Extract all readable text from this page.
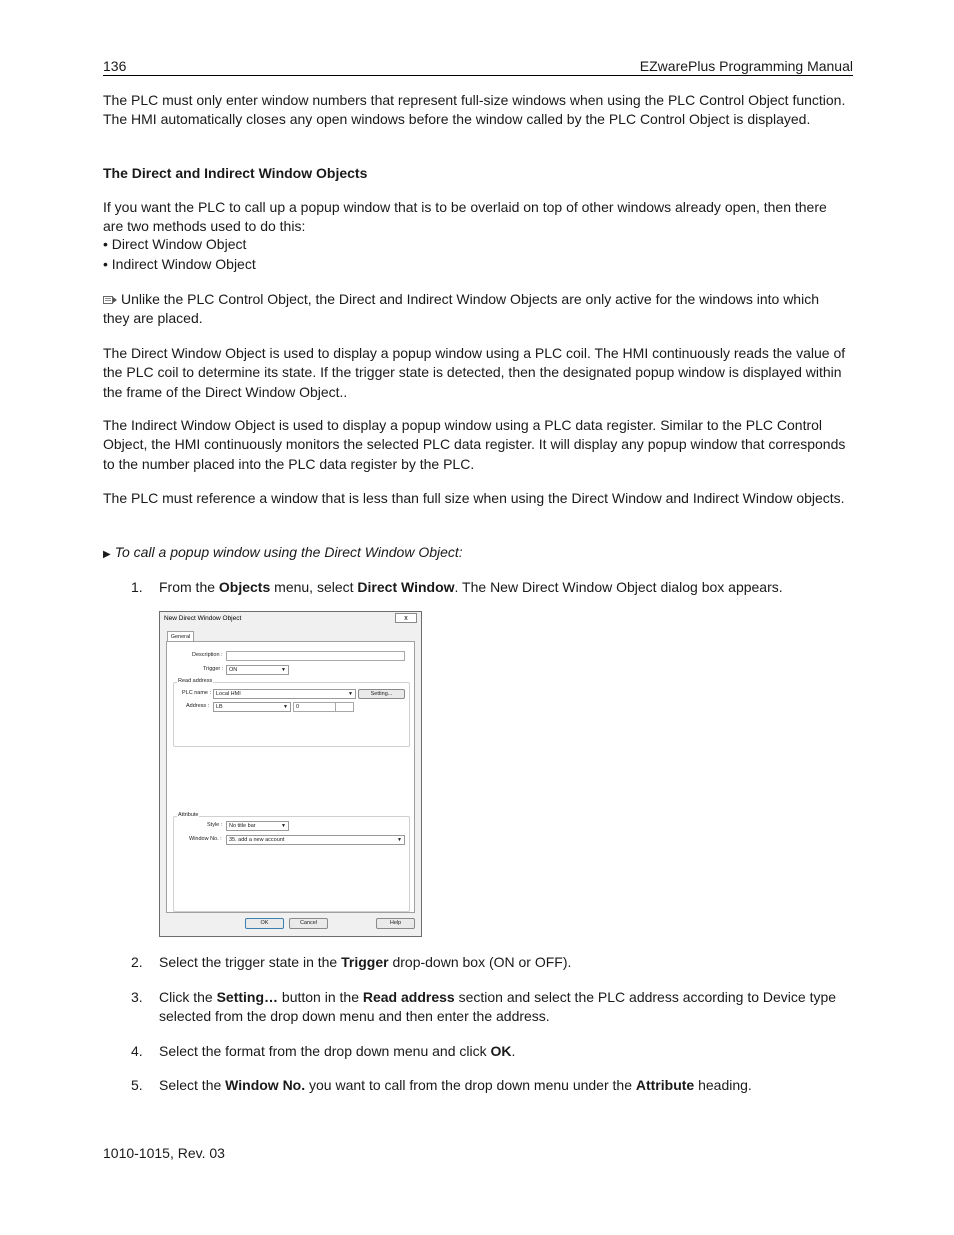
136	EZwarePlus Programming Manual

The PLC must only enter window numbers that represent full-size windows when using the PLC Control Object function. The HMI automatically closes any open windows before the window called by the PLC Control Object is displayed.

The Direct and Indirect Window Objects

If you want the PLC to call up a popup window that is to be overlaid on top of other windows already open, then there are two methods used to do this:

• Direct Window Object
• Indirect Window Object

Unlike the PLC Control Object, the Direct and Indirect Window Objects are only active for the windows into which they are placed.

The Direct Window Object is used to display a popup window using a PLC coil. The HMI continuously reads the value of the PLC coil to determine its state. If the trigger state is detected, then the designated popup window is displayed within the frame of the Direct Window Object..

The Indirect Window Object is used to display a popup window using a PLC data register. Similar to the PLC Control Object, the HMI continuously monitors the selected PLC data register. It will display any popup window that corresponds to the number placed into the PLC data register by the PLC.

The PLC must reference a window that is less than full size when using the Direct Window and Indirect Window objects.

▶ To call a popup window using the Direct Window Object:
1. From the Objects menu, select Direct Window. The New Direct Window Object dialog box appears.
New Direct Window Object	x
General
Description :
Trigger :	ON	▼
Read address
PLC name : Local HMI	▼	Setting...
Address :	LB	▼	0
Attribute
Style :	No title bar	▼
Window No. :	35. add a new account	▼
OK	Cancel	Help
2. Select the trigger state in the Trigger drop-down box (ON or OFF).
3. Click the Setting… button in the Read address section and select the PLC address according to Device type selected from the drop down menu and then enter the address.
4. Select the format from the drop down menu and click OK.
5. Select the Window No. you want to call from the drop down menu under the Attribute heading.
1010-1015, Rev. 03
